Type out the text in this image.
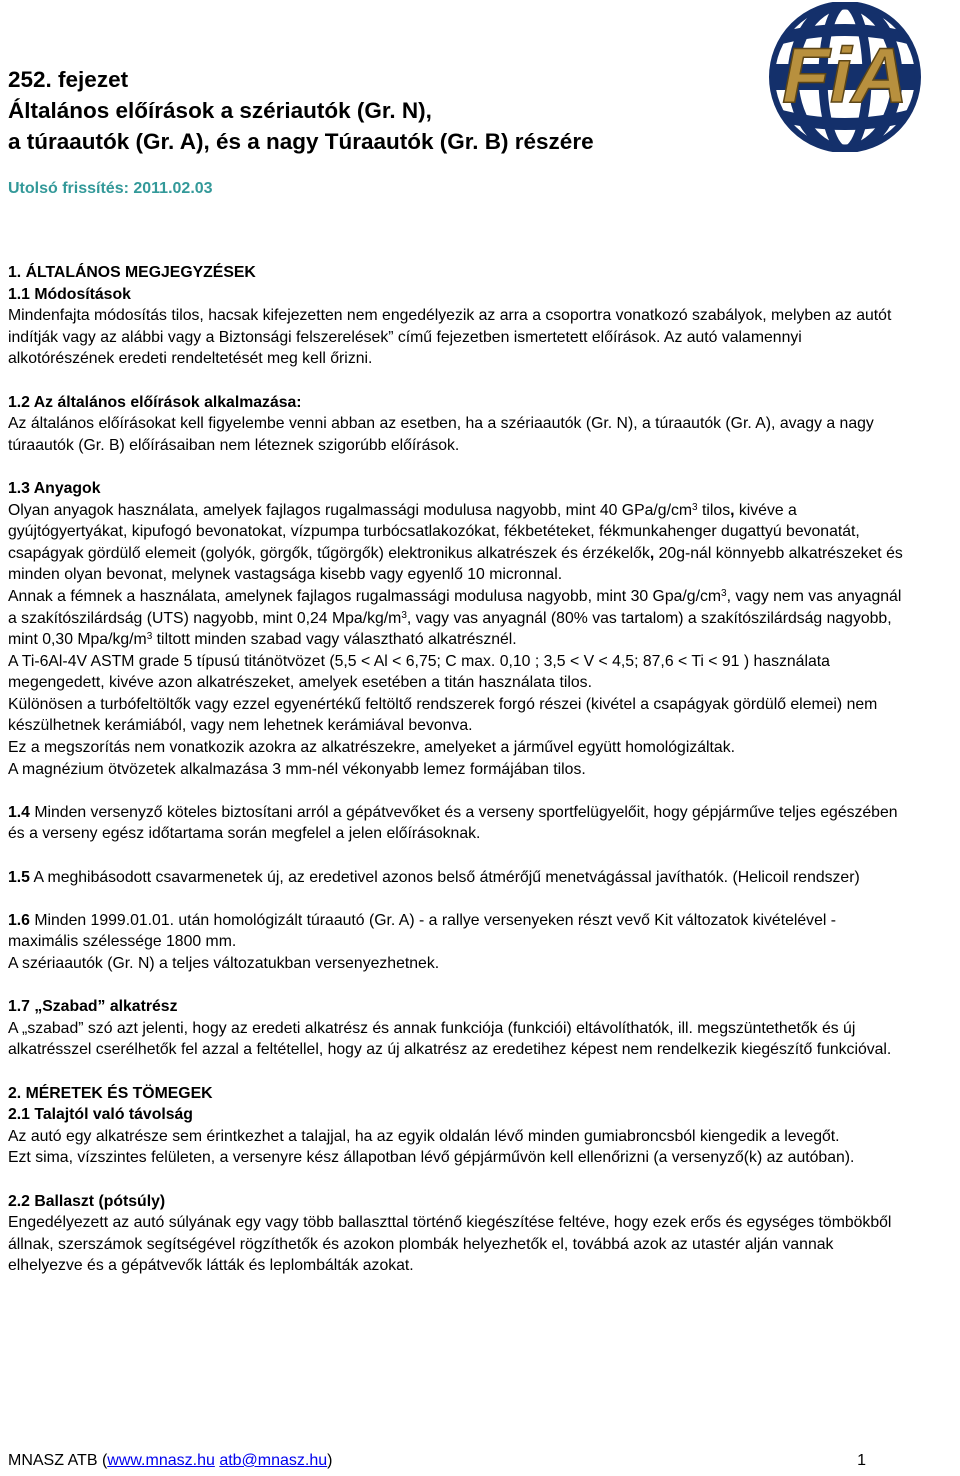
FiA
252. fejezet
Általános előírások a szériautók (Gr. N),
a túraautók (Gr. A), és a nagy Túraautók (Gr. B) részére
Utolsó frissítés: 2011.02.03

1. ÁLTALÁNOS MEGJEGYZÉSEK

1.1 Módosítások

Mindenfajta módosítás tilos, hacsak kifejezetten nem engedélyezik az arra a csoportra vonatkozó szabályok, melyben az autót indítják vagy az alábbi vagy a Biztonsági felszerelések” című fejezetben ismertetett előírások. Az autó valamennyi alkotórészének eredeti rendeltetését meg kell őrizni.

1.2 Az általános előírások alkalmazása:

Az általános előírásokat kell figyelembe venni abban az esetben, ha a szériaautók (Gr. N), a túraautók (Gr. A), avagy a nagy túraautók (Gr. B) előírásaiban nem léteznek szigorúbb előírások.

1.3 Anyagok

Olyan anyagok használata, amelyek fajlagos rugalmassági modulusa nagyobb, mint 40 GPa/$g/cm^3$ tilos, kivéve a gyújtógyertyákat, kipufogó bevonatokat, vízpumpa turbócsatlakozókat, fékbetéteket, fékmunkahenger dugattyú bevonatát, csapágyak gördülő elemeit (golyók, görgők, tűgörgők) elektronikus alkatrészek és érzékelők, 20g-nál könnyebb alkatrészeket és minden olyan bevonat, melynek vastagsága kisebb vagy egyenlő 10 micronnal.

Annak a fémnek a használata, amelynek fajlagos rugalmassági modulusa nagyobb, mint 30 Gpa/$g/cm^3$, vagy nem vas anyagnál a szakítószilárdság (UTS) nagyobb, mint 0,24 Mpa/$kg/m^3$, vagy vas anyagnál (80% vas tartalom) a szakítószilárdság nagyobb, mint 0,30 Mpa/$kg/m^3$ tiltott minden szabad vagy választható alkatrésznél.

A Ti-6Al-4V ASTM grade 5 típusú titánötvözet (5,5 < Al < 6,75; C max. 0,10 ; 3,5 < V < 4,5; 87,6 < Ti < 91 ) használata megengedett, kivéve azon alkatrészeket, amelyek esetében a titán használata tilos.

Különösen a turbófeltöltők vagy ezzel egyenértékű feltöltő rendszerek forgó részei (kivétel a csapágyak gördülő elemei) nem készülhetnek kerámiából, vagy nem lehetnek kerámiával bevonva.

Ez a megszorítás nem vonatkozik azokra az alkatrészekre, amelyeket a járművel együtt homológizáltak.

A magnézium ötvözetek alkalmazása 3 mm-nél vékonyabb lemez formájában tilos.

1.4 Minden versenyző köteles biztosítani arról a gépátvevőket és a verseny sportfelügyelőit, hogy gépjárműve teljes egészében és a verseny egész időtartama során megfelel a jelen előírásoknak.

1.5 A meghibásodott csavarmenetek új, az eredetivel azonos belső átmérőjű menetvágással javíthatók. (Helicoil rendszer)

1.6 Minden 1999.01.01. után homológizált túraautó (Gr. A) - a rallye versenyeken részt vevő Kit változatok kivételével - maximális szélessége 1800 mm.

A szériaautók (Gr. N) a teljes változatukban versenyezhetnek.

1.7 „Szabad” alkatrész

A „szabad” szó azt jelenti, hogy az eredeti alkatrész és annak funkciója (funkciói) eltávolíthatók, ill. megszüntethetők és új alkatrésszel cserélhetők fel azzal a feltétellel, hogy az új alkatrész az eredetihez képest nem rendelkezik kiegészítő funkcióval.

2. MÉRETEK ÉS TÖMEGEK

2.1 Talajtól való távolság

Az autó egy alkatrésze sem érintkezhet a talajjal, ha az egyik oldalán lévő minden gumiabroncsból kiengedik a levegőt.

Ezt sima, vízszintes felületen, a versenyre kész állapotban lévő gépjárművön kell ellenőrizni (a versenyző(k) az autóban).

2.2 Ballaszt (pótsúly)

Engedélyezett az autó súlyának egy vagy több ballaszttal történő kiegészítése feltéve, hogy ezek erős és egységes tömbökből állnak, szerszámok segítségével rögzíthetők és azokon plombák helyezhetők el, továbbá azok az utastér alján vannak elhelyezve és a gépátvevők látták és leplombálták azokat.

MNASZ ATB (www.mnasz.hu atb@mnasz.hu)	1
